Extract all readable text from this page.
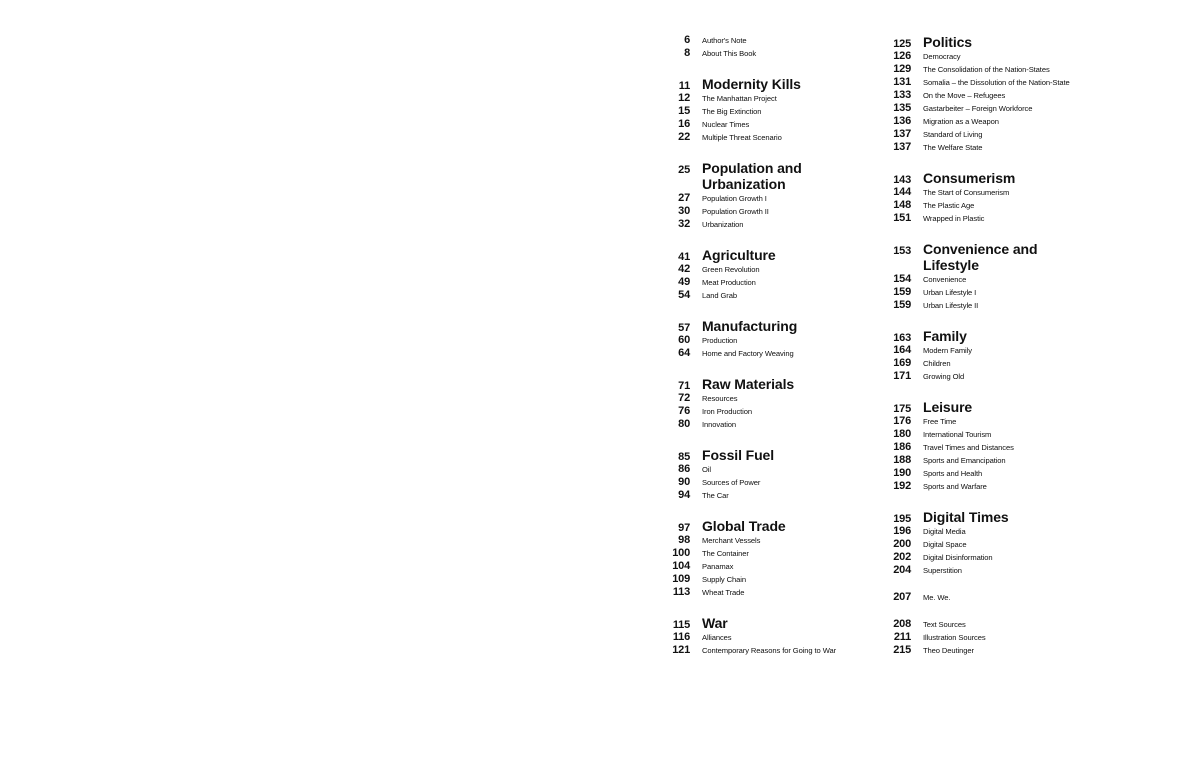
6 Author's Note
8 About This Book
11 Modernity Kills
12 The Manhattan Project
15 The Big Extinction
16 Nuclear Times
22 Multiple Threat Scenario
25 Population and Urbanization
27 Population Growth I
30 Population Growth II
32 Urbanization
41 Agriculture
42 Green Revolution
49 Meat Production
54 Land Grab
57 Manufacturing
60 Production
64 Home and Factory Weaving
71 Raw Materials
72 Resources
76 Iron Production
80 Innovation
85 Fossil Fuel
86 Oil
90 Sources of Power
94 The Car
97 Global Trade
98 Merchant Vessels
100 The Container
104 Panamax
109 Supply Chain
113 Wheat Trade
115 War
116 Alliances
121 Contemporary Reasons for Going to War
125 Politics
126 Democracy
129 The Consolidation of the Nation-States
131 Somalia – the Dissolution of the Nation-State
133 On the Move – Refugees
135 Gastarbeiter – Foreign Workforce
136 Migration as a Weapon
137 Standard of Living
137 The Welfare State
143 Consumerism
144 The Start of Consumerism
148 The Plastic Age
151 Wrapped in Plastic
153 Convenience and Lifestyle
154 Convenience
159 Urban Lifestyle I
159 Urban Lifestyle II
163 Family
164 Modern Family
169 Children
171 Growing Old
175 Leisure
176 Free Time
180 International Tourism
186 Travel Times and Distances
188 Sports and Emancipation
190 Sports and Health
192 Sports and Warfare
195 Digital Times
196 Digital Media
200 Digital Space
202 Digital Disinformation
204 Superstition
207 Me. We.
208 Text Sources
211 Illustration Sources
215 Theo Deutinger
